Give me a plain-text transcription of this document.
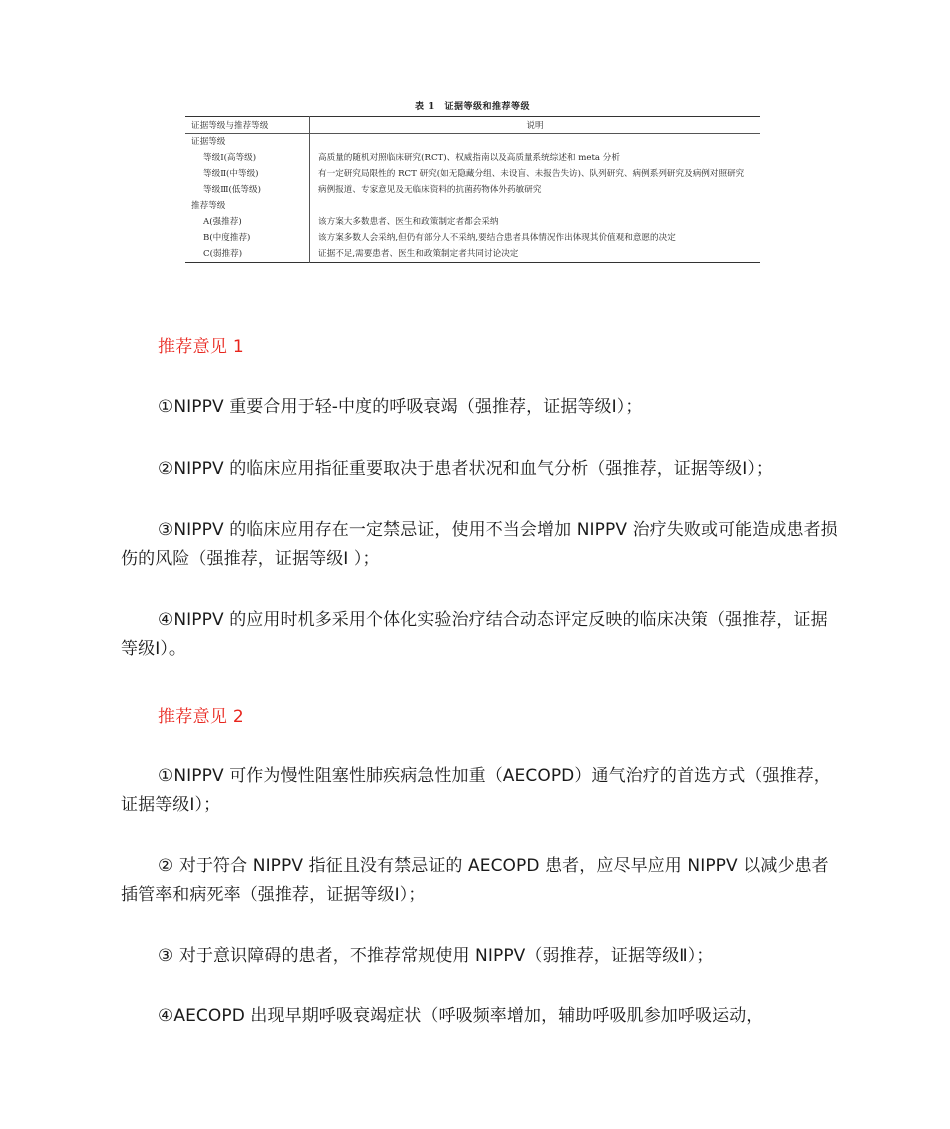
表 1　证据等级和推荐等级
证据等级与推荐等级	说明
证据等级	
等级Ⅰ(高等级)	高质量的随机对照临床研究(RCT)、权威指南以及高质量系统综述和 meta 分析
等级Ⅱ(中等级)	有一定研究局限性的 RCT 研究(如无隐藏分组、未设盲、未报告失访)、队列研究、病例系列研究及病例对照研究
等级Ⅲ(低等级)	病例报道、专家意见及无临床资料的抗菌药物体外药敏研究
推荐等级	
A(强推荐)	该方案大多数患者、医生和政策制定者都会采纳
B(中度推荐)	该方案多数人会采纳,但仍有部分人不采纳,要结合患者具体情况作出体现其价值观和意愿的决定
C(弱推荐)	证据不足,需要患者、医生和政策制定者共同讨论决定
推荐意见 1
①NIPPV 重要合用于轻-中度的呼吸衰竭（强推荐，证据等级Ⅰ）；
②NIPPV 的临床应用指征重要取决于患者状况和血气分析（强推荐，证据等级Ⅰ）；
③NIPPV 的临床应用存在一定禁忌证，使用不当会增加 NIPPV 治疗失败或可能造成患者损伤的风险（强推荐，证据等级Ⅰ ）；
④NIPPV 的应用时机多采用个体化实验治疗结合动态评定反映的临床决策（强推荐，证据等级Ⅰ）。
推荐意见 2
①NIPPV 可作为慢性阻塞性肺疾病急性加重（AECOPD）通气治疗的首选方式（强推荐，证据等级Ⅰ）；
② 对于符合 NIPPV 指征且没有禁忌证的 AECOPD 患者，应尽早应用 NIPPV 以减少患者插管率和病死率（强推荐，证据等级Ⅰ）；
③ 对于意识障碍的患者，不推荐常规使用 NIPPV（弱推荐，证据等级Ⅱ）；
④AECOPD 出现早期呼吸衰竭症状（呼吸频率增加，辅助呼吸肌参加呼吸运动，
